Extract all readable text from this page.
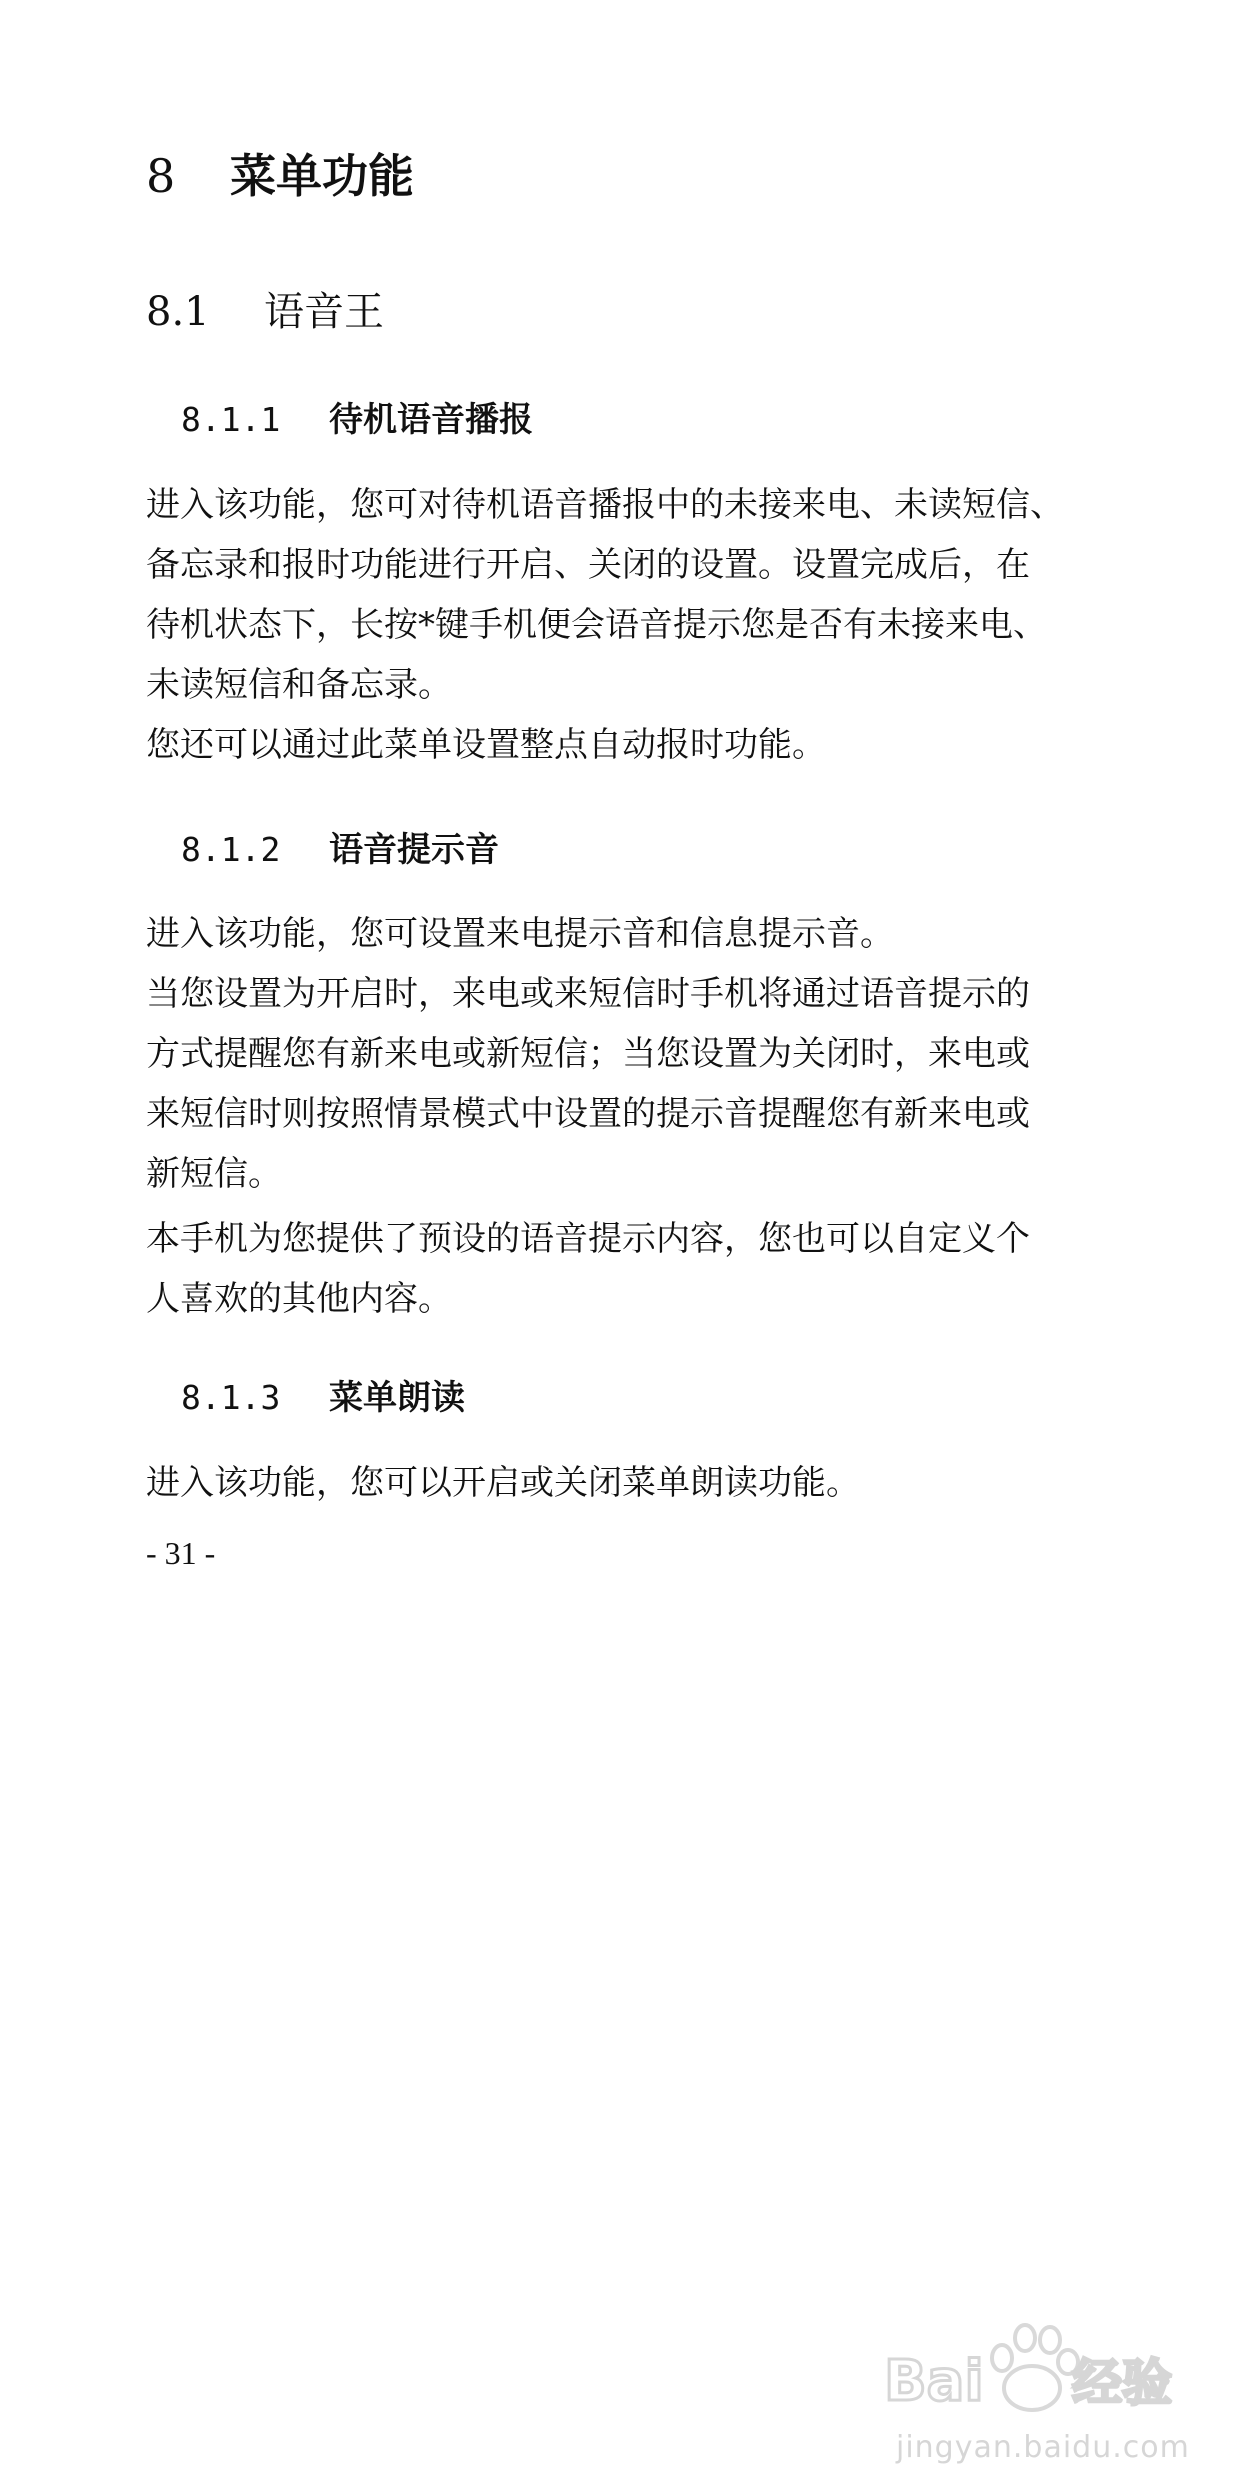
8 菜单功能
8.1 语音王
8.1.1 待机语音播报
进入该功能，您可对待机语音播报中的未接来电、未读短信、
备忘录和报时功能进行开启、关闭的设置。设置完成后，在
待机状态下，长按*键手机便会语音提示您是否有未接来电、
未读短信和备忘录。
您还可以通过此菜单设置整点自动报时功能。
8.1.2 语音提示音
进入该功能，您可设置来电提示音和信息提示音。
当您设置为开启时，来电或来短信时手机将通过语音提示的
方式提醒您有新来电或新短信；当您设置为关闭时，来电或
来短信时则按照情景模式中设置的提示音提醒您有新来电或
新短信。
本手机为您提供了预设的语音提示内容，您也可以自定义个
人喜欢的其他内容。
8.1.3 菜单朗读
进入该功能，您可以开启或关闭菜单朗读功能。
- 31 -
Bai 经验
jingyan.baidu.com
